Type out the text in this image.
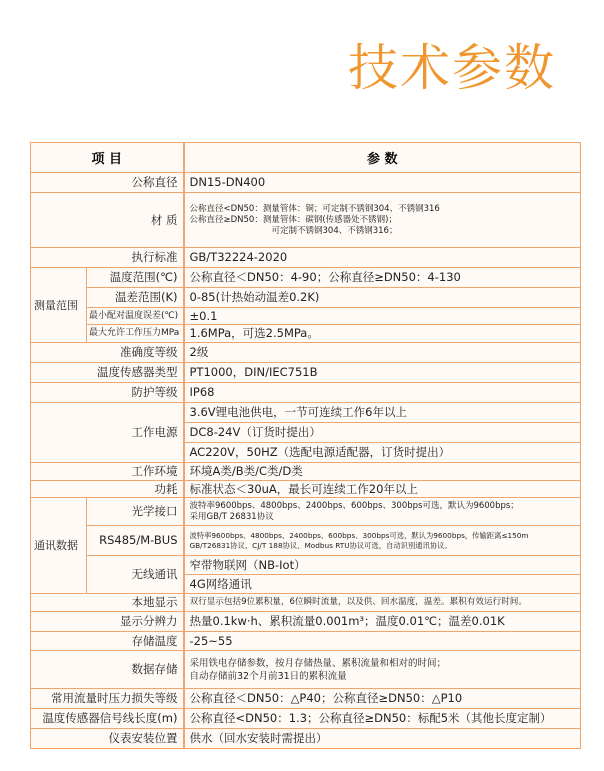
技术参数
项 目		参 数
公称直径		DN15-DN400
材 质		公称直径<DN50：测量管体：铜；可定制不锈钢304、不锈钢316
公称直径≥DN50：测量管体：碳钢(传感器处不锈钢)；
可定制不锈钢304、不锈钢316；

执行标准		GB/T32224-2020
测量范围	温度范围(℃)	公称直径＜DN50：4-90；公称直径≥DN50：4-130
	温差范围(K)	0-85(计热始动温差0.2K)
	最小配对温度误差(℃)	±0.1
	最大允许工作压力MPa	1.6MPa，可选2.5MPa。
准确度等级		2级
温度传感器类型		PT1000，DIN/IEC751B
防护等级		IP68
工作电源		3.6V锂电池供电，一节可连续工作6年以上
		DC8-24V（订货时提出）
		AC220V，50HZ（选配电源适配器，订货时提出）
工作环境		环境A类/B类/C类/D类
功耗		标准状态＜30uA，最长可连续工作20年以上
通讯数据	光学接口	波特率9600bps、4800bps、2400bps、600bps、300bps可选，默认为9600bps；
采用GB/T 26831协议

	RS485/M-BUS	波特率9600bps、4800bps、2400bps、600bps、300bps可选，默认为9600bps，传输距离≤150m
GB/T26831协议、CJ/T 188协议、Modbus RTU协议可选，自动识别通讯协议。

	无线通讯	窄带物联网（NB-Iot）
		4G网络通讯
本地显示		双行显示包括9位累积量，6位瞬时流量，以及供、回水温度，温差。累积有效运行时间。
显示分辨力		热量0.1kw·h、累积流量0.001m³；温度0.01℃；温差0.01K
存储温度		-25~55
数据存储		采用铁电存储参数，按月存储热量、累积流量和相对的时间；
自动存储前32个月前31日的累积流量

常用流量时压力损失等级		公称直径＜DN50：△P40；公称直径≥DN50：△P10
温度传感器信号线长度(m)		公称直径<DN50：1.3；公称直径≥DN50：标配5米（其他长度定制）
仪表安装位置		供水（回水安装时需提出）
